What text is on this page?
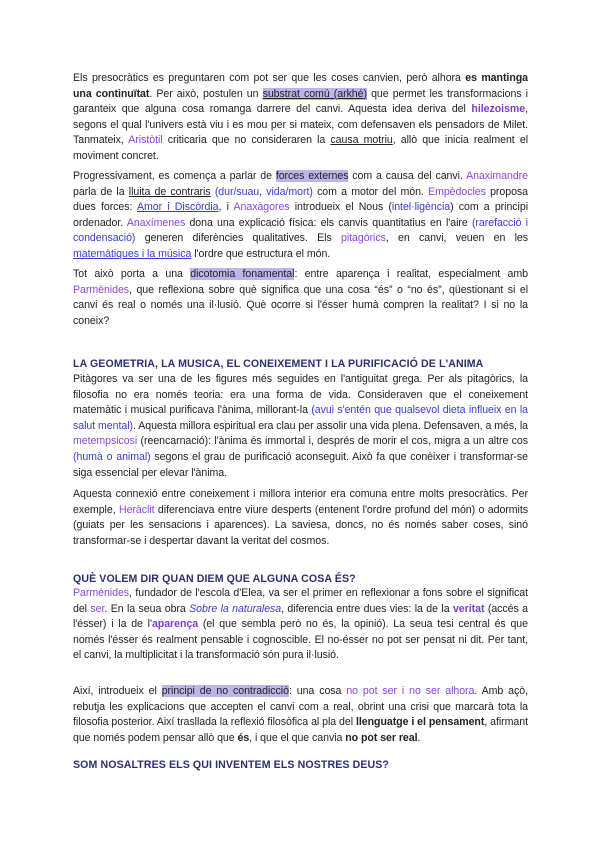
Els presocràtics es preguntaren com pot ser que les coses canvien, però alhora es mantinga una continuïtat. Per això, postulen un substrat comú (arkhé) que permet les transformacions i garanteix que alguna cosa romanga darrere del canvi. Aquesta idea deriva del hilezoisme, segons el qual l'univers està viu i es mou per si mateix, com defensaven els pensadors de Milet. Tanmateix, Aristòtil criticaria que no consideraren la causa motriu, allò que inicia realment el moviment concret.

Progressivament, es comença a parlar de forces externes com a causa del canvi. Anaximandre parla de la lluita de contraris (dur/suau, vida/mort) com a motor del món. Empèdocles proposa dues forces: Amor i Discòrdia, i Anaxàgores introdueix el Nous (intel·ligència) com a principi ordenador. Anaxímenes dona una explicació física: els canvis quantitatius en l'aire (rarefacció i condensació) generen diferències qualitatives. Els pitagòrics, en canvi, veuen en les matemàtiques i la música l'ordre que estructura el món.

Tot això porta a una dicotomia fonamental: entre aparença i realitat, especialment amb Parmènides, que reflexiona sobre què significa que una cosa “és” o “no és”, qüestionant si el canvi és real o només una il·lusió. Què ocorre si l'ésser humà compren la realitat? I si no la coneix?

LA GEOMETRIA, LA MUSICA, EL CONEIXEMENT I LA PURIFICACIÓ DE L'ANIMA

Pitàgores va ser una de les figures més seguides en l'antiguitat grega. Per als pitagòrics, la filosofia no era només teoria: era una forma de vida. Consideraven que el coneixement matemàtic i musical purificava l'ànima, millorant-la (avui s'entén que qualsevol dieta influeix en la salut mental). Aquesta millora espiritual era clau per assolir una vida plena. Defensaven, a més, la metempsicosi (reencarnació): l'ànima és immortal i, després de morir el cos, migra a un altre cos (humà o animal) segons el grau de purificació aconseguit. Això fa que conèixer i transformar-se siga essencial per elevar l'ànima.

Aquesta connexió entre coneixement i millora interior era comuna entre molts presocràtics. Per exemple, Heràclit diferenciava entre viure desperts (entenent l'ordre profund del món) o adormits (guiats per les sensacions i aparences). La saviesa, doncs, no és només saber coses, sinó transformar-se i despertar davant la veritat del cosmos.

QUÈ VOLEM DIR QUAN DIEM QUE ALGUNA COSA ÉS?

Parmènides, fundador de l'escola d'Elea, va ser el primer en reflexionar a fons sobre el significat del ser. En la seua obra Sobre la naturalesa, diferencia entre dues vies: la de la veritat (accés a l'ésser) i la de l'aparença (el que sembla però no és, la opinió). La seua tesi central és que només l'ésser és realment pensable i cognoscible. El no-ésser no pot ser pensat ni dit. Per tant, el canvi, la multiplicitat i la transformació són pura il·lusió.

Així, introdueix el principi de no contradicció: una cosa no pot ser i no ser alhora. Amb açò, rebutja les explicacions que accepten el canvi com a real, obrint una crisi que marcarà tota la filosofia posterior. Així trasllada la reflexió filosòfica al pla del llenguatge i el pensament, afirmant que només podem pensar allò que és, i que el que canvia no pot ser real.

SOM NOSALTRES ELS QUI INVENTEM ELS NOSTRES DEUS?
